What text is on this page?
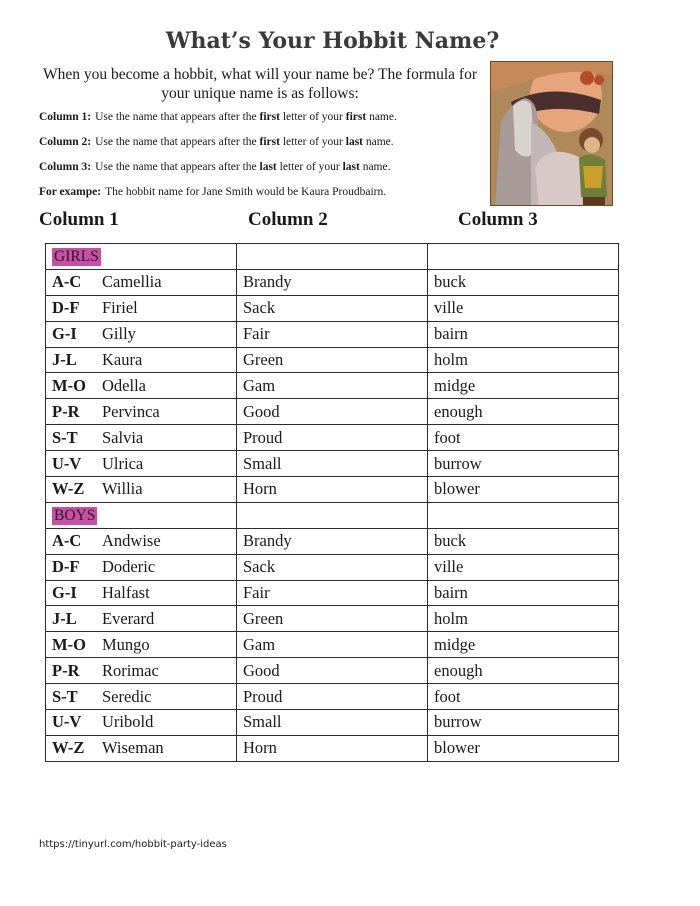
What’s Your Hobbit Name?
When you become a hobbit, what will your name be? The formula for
your unique name is as follows:
Column 1: Use the name that appears after the first letter of your first name.
Column 2: Use the name that appears after the first letter of your last name.
Column 3: Use the name that appears after the last letter of your last name.
For exampe: The hobbit name for Jane Smith would be Kaura Proudbairn.
Column 1	Column 2	Column 3
GIRLS		
A-C Camellia	Brandy	buck
D-F Firiel	Sack	ville
G-I Gilly	Fair	bairn
J-L Kaura	Green	holm
M-O Odella	Gam	midge
P-R Pervinca	Good	enough
S-T Salvia	Proud	foot
U-V Ulrica	Small	burrow
W-Z Willia	Horn	blower
BOYS		
A-C Andwise	Brandy	buck
D-F Doderic	Sack	ville
G-I Halfast	Fair	bairn
J-L Everard	Green	holm
M-O Mungo	Gam	midge
P-R Rorimac	Good	enough
S-T Seredic	Proud	foot
U-V Uribold	Small	burrow
W-Z Wiseman	Horn	blower
https://tinyurl.com/hobbit-party-ideas
